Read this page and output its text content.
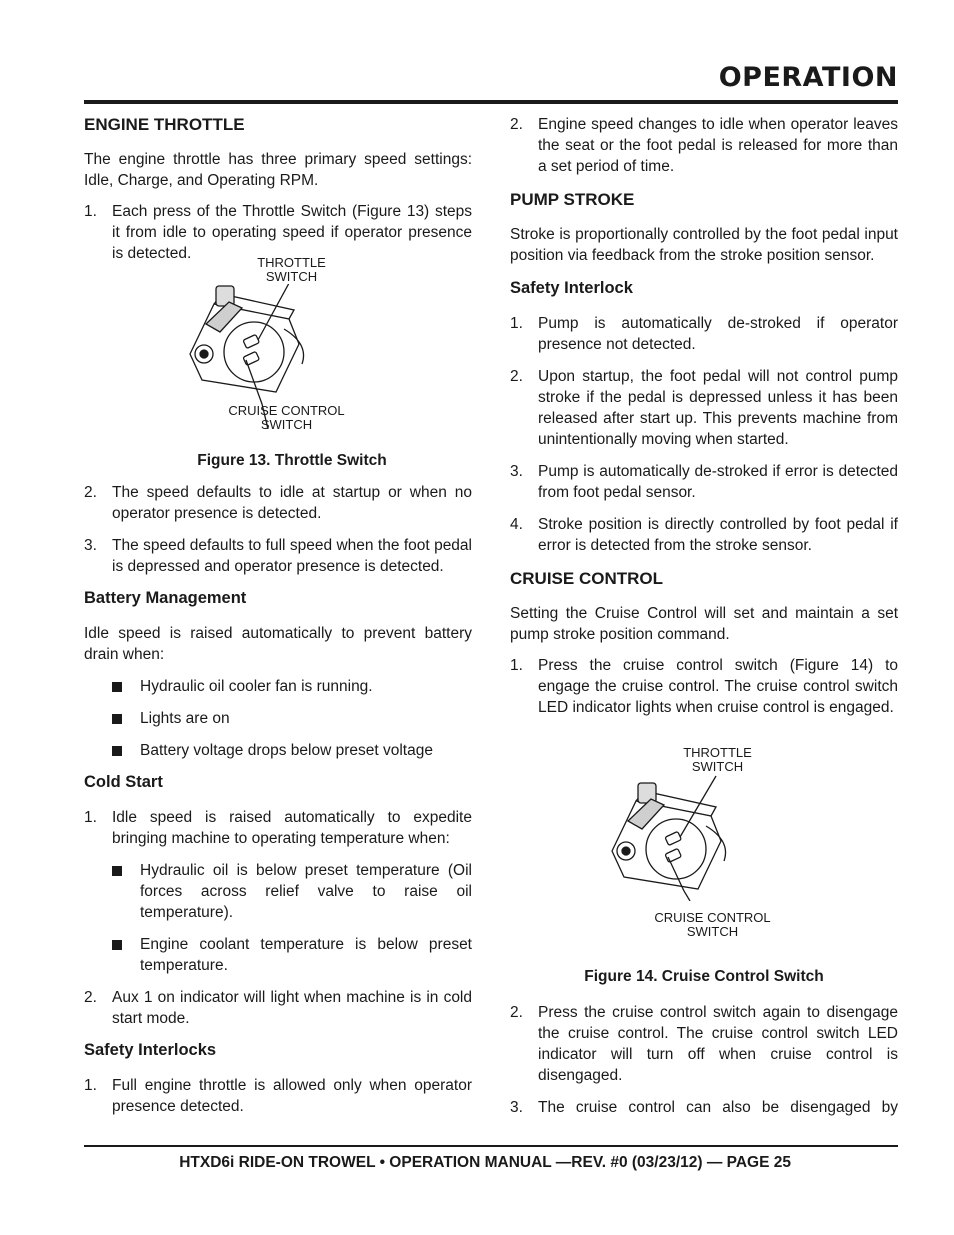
OPERATION
ENGINE THROTTLE

The engine throttle has three primary speed settings: Idle, Charge, and Operating RPM.

1. Each press of the Throttle Switch (Figure 13) steps it from idle to operating speed if operator presence is detected.
THROTTLE SWITCH
CRUISE CONTROL SWITCH
Figure 13. Throttle Switch
2. The speed defaults to idle at startup or when no operator presence is detected.
3. The speed defaults to full speed when the foot pedal is depressed and operator presence is detected.
Battery Management

Idle speed is raised automatically to prevent battery drain when:

Hydraulic oil cooler fan is running.
Lights are on
Battery voltage drops below preset voltage
Cold Start
1. Idle speed is raised automatically to expedite bringing machine to operating temperature when:
Hydraulic oil is below preset temperature (Oil forces across relief valve to raise oil temperature).
Engine coolant temperature is below preset temperature.
2. Aux 1 on indicator will light when machine is in cold start mode.
Safety Interlocks
1. Full engine throttle is allowed only when operator presence detected.
2. Engine speed changes to idle when operator leaves the seat or the foot pedal is released for more than a set period of time.
PUMP STROKE

Stroke is proportionally controlled by the foot pedal input position via feedback from the stroke position sensor.

Safety Interlock
1. Pump is automatically de-stroked if operator presence not detected.
2. Upon startup, the foot pedal will not control pump stroke if the pedal is depressed unless it has been released after start up. This prevents machine from unintentionally moving when started.
3. Pump is automatically de-stroked if error is detected from foot pedal sensor.
4. Stroke position is directly controlled by foot pedal if error is detected from the stroke sensor.
CRUISE CONTROL

Setting the Cruise Control will set and maintain a set pump stroke position command.

1. Press the cruise control switch (Figure 14) to engage the cruise control. The cruise control switch LED indicator lights when cruise control is engaged.
THROTTLE SWITCH
CRUISE CONTROL SWITCH
Figure 14. Cruise Control Switch
2. Press the cruise control switch again to disengage the cruise control. The cruise control switch LED indicator will turn off when cruise control is disengaged.
3. The cruise control can also be disengaged by
HTXD6i RIDE-ON TROWEL • OPERATION MANUAL —REV. #0 (03/23/12) — PAGE 25
